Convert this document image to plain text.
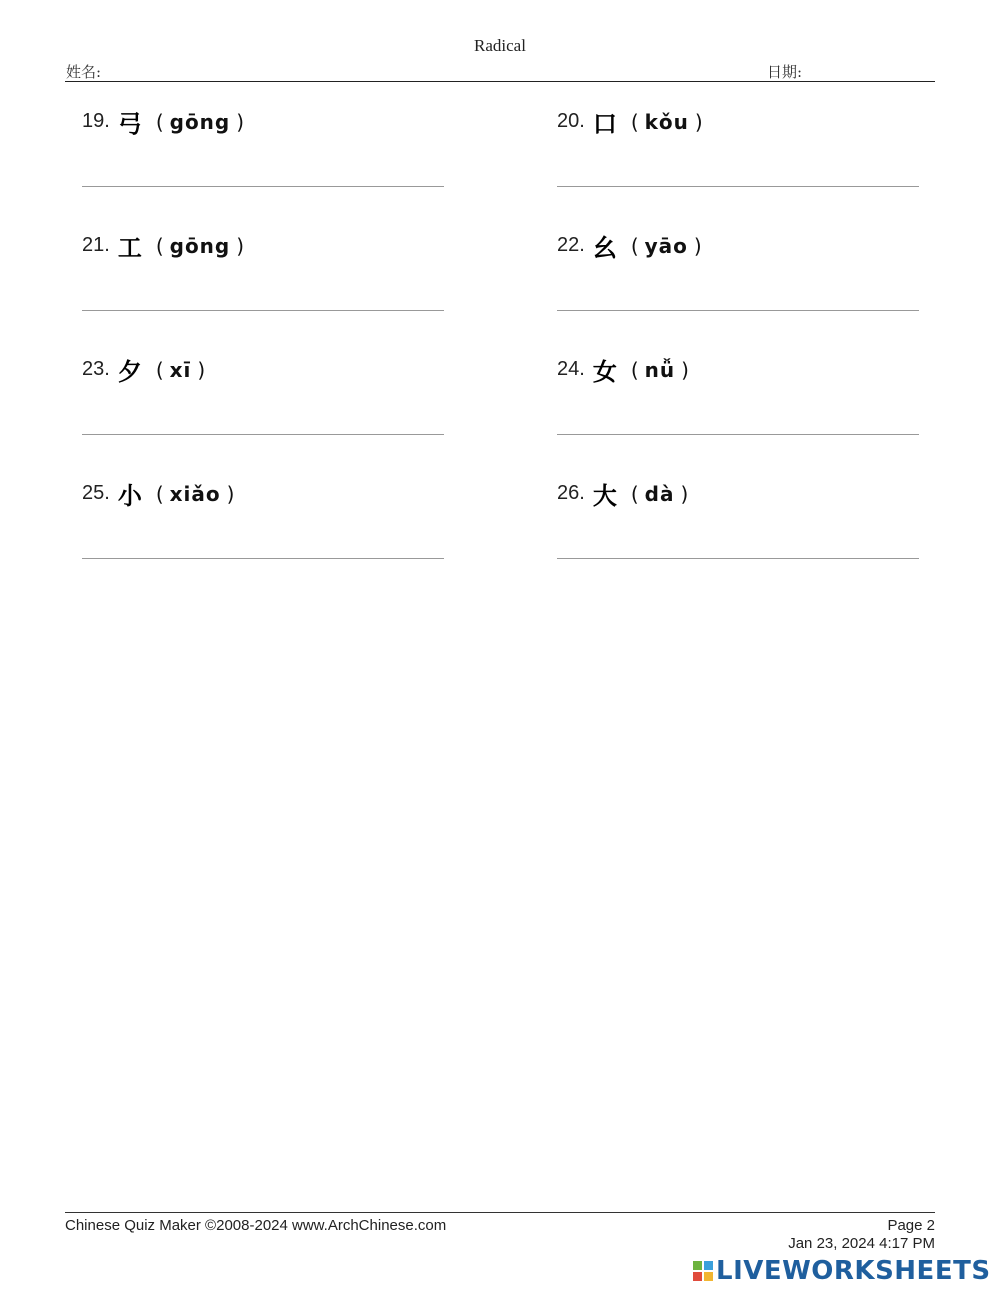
Radical
姓名:	日期:
19. 弓 ( gōng )	20. 口 ( kǒu )
21. 工 ( gōng )	22. 幺 ( yāo )
23. 夕 ( xī )	24. 女 ( nǚ )
25. 小 ( xiǎo )	26. 大 ( dà )
Chinese Quiz Maker ©2008-2024 www.ArchChinese.com	Page 2
Jan 23, 2024 4:17 PM
LIVEWORKSHEETS
